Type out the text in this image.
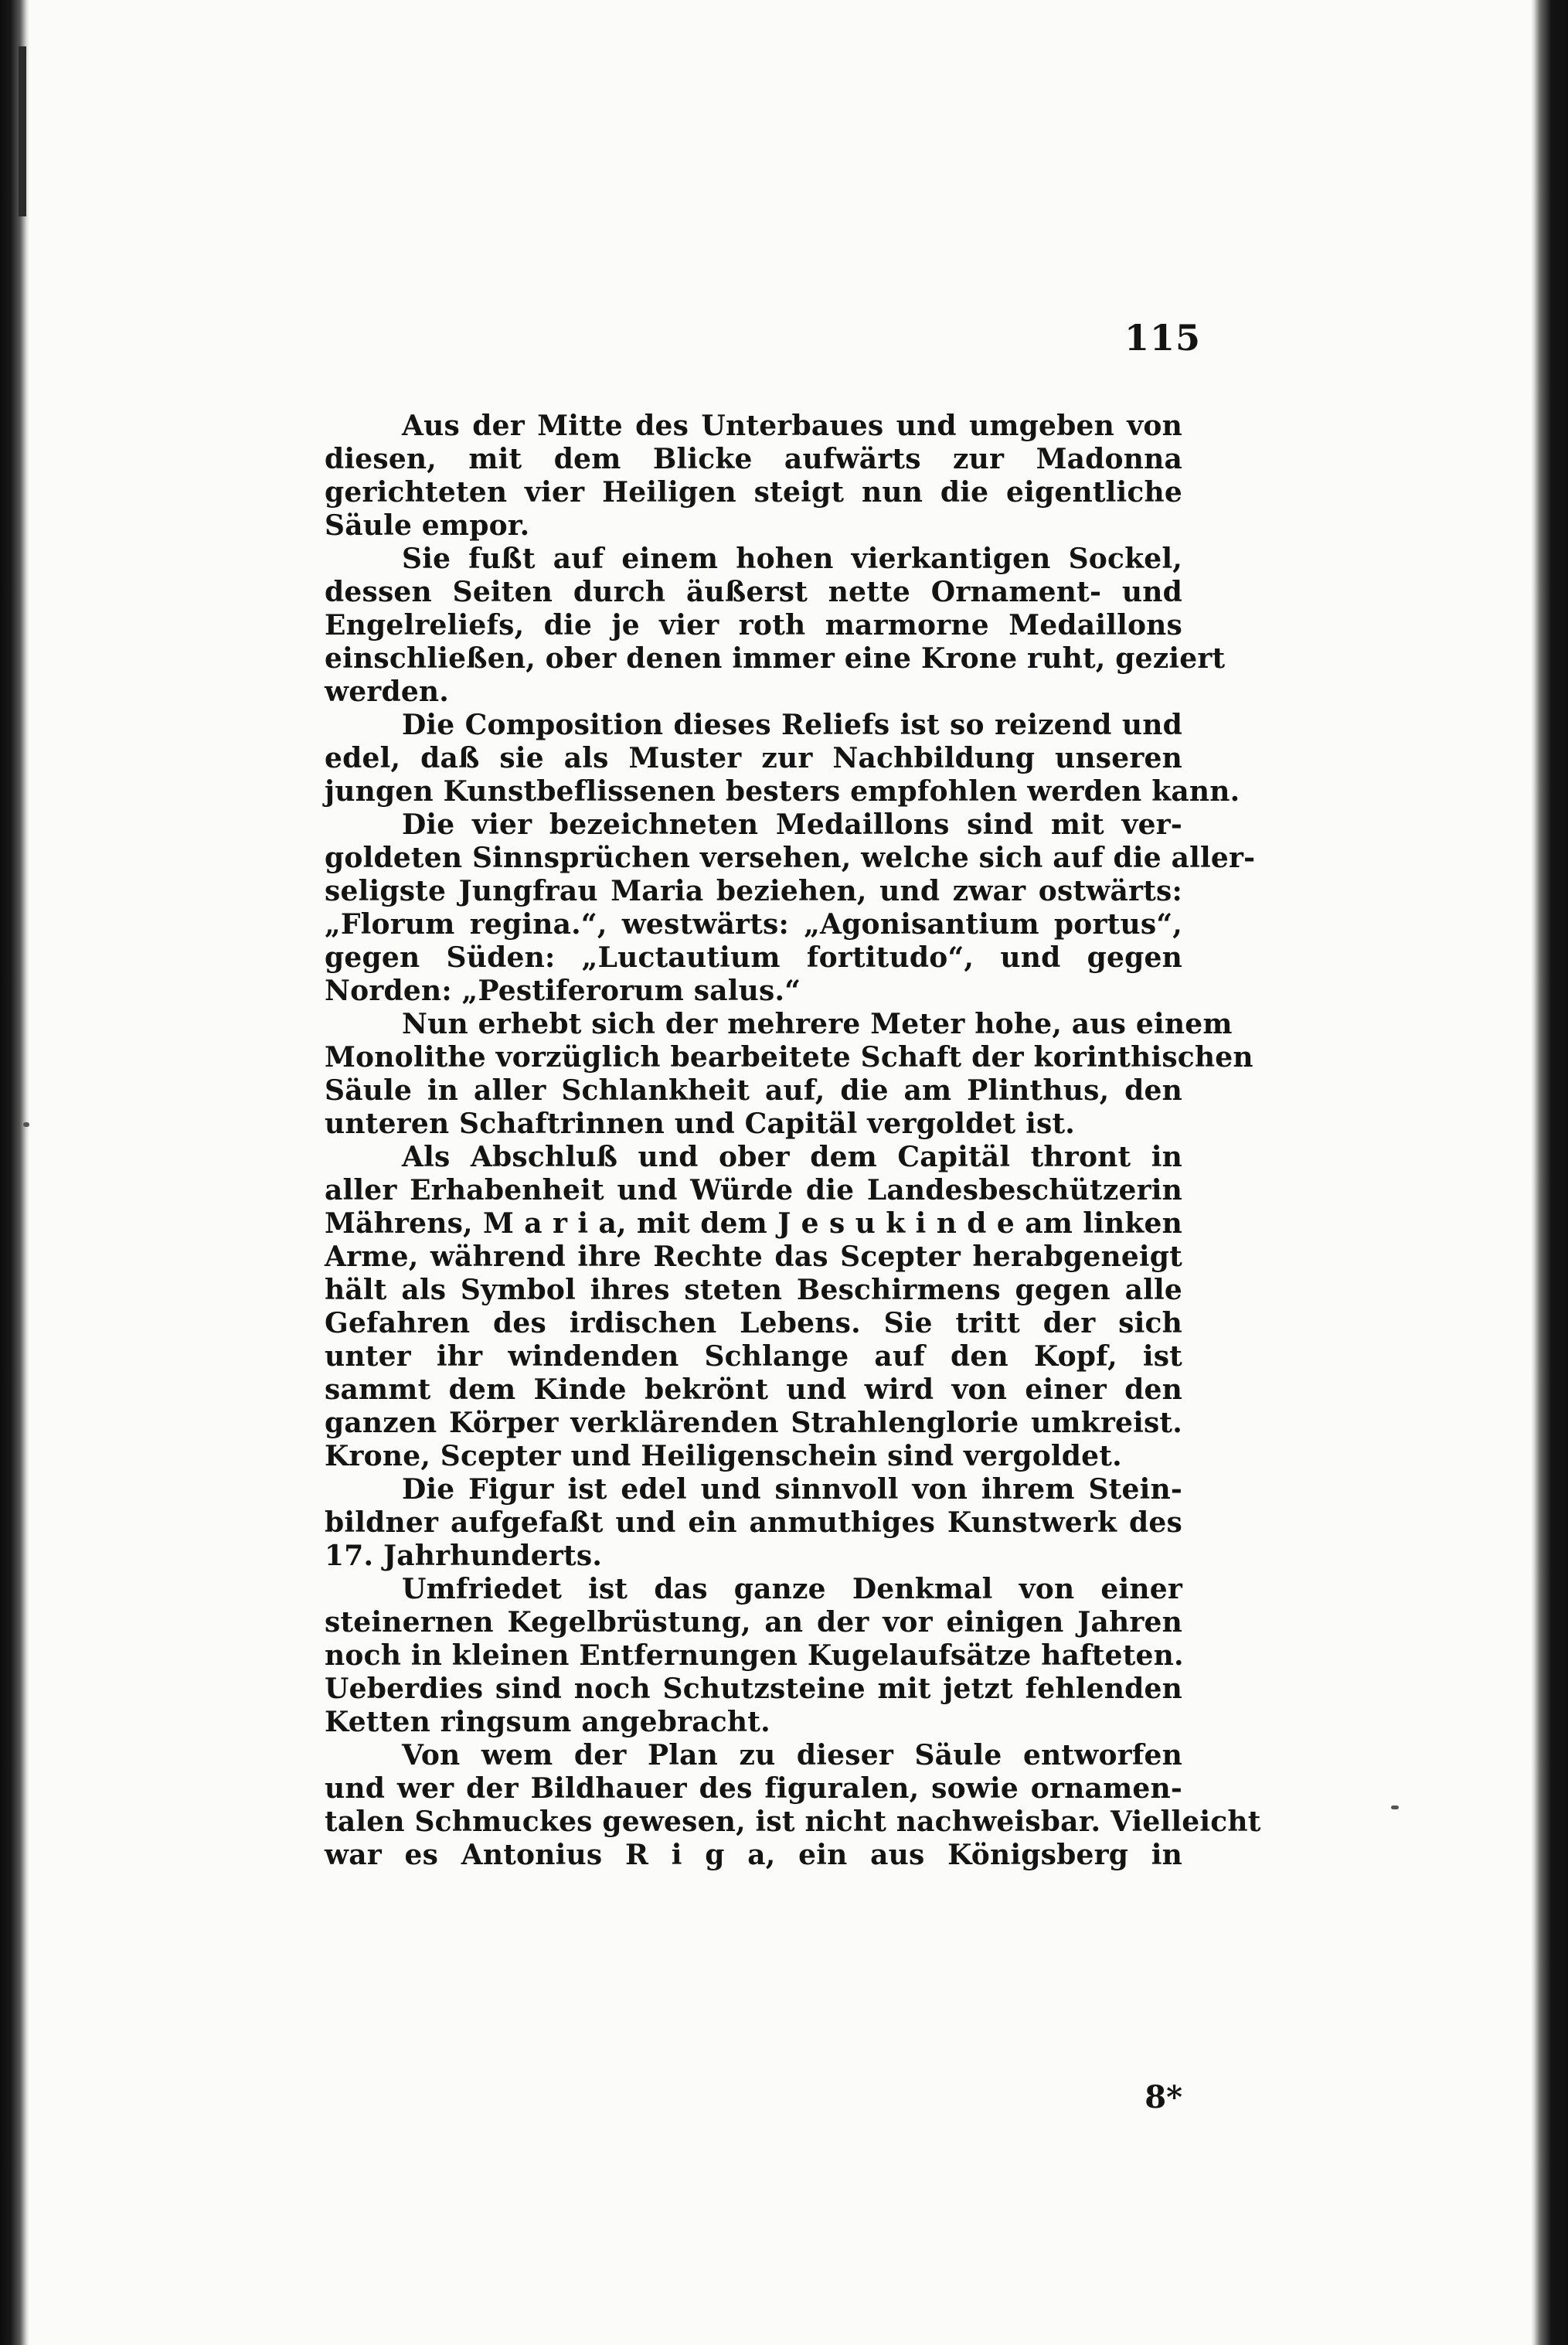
115
Aus der Mitte des Unterbaues und umgeben von
diesen, mit dem Blicke aufwärts zur Madonna
gerichteten vier Heiligen steigt nun die eigentliche
Säule empor.
Sie fußt auf einem hohen vierkantigen Sockel,
dessen Seiten durch äußerst nette Ornament- und
Engelreliefs, die je vier roth marmorne Medaillons
einschließen, ober denen immer eine Krone ruht, geziert
werden.
Die Composition dieses Reliefs ist so reizend und
edel, daß sie als Muster zur Nachbildung unseren
jungen Kunstbeflissenen besters empfohlen werden kann.
Die vier bezeichneten Medaillons sind mit ver-
goldeten Sinnsprüchen versehen, welche sich auf die aller-
seligste Jungfrau Maria beziehen, und zwar ostwärts:
„Florum regina.“, westwärts: „Agonisantium portus“,
gegen Süden: „Luctautium fortitudo“, und gegen
Norden: „Pestiferorum salus.“
Nun erhebt sich der mehrere Meter hohe, aus einem
Monolithe vorzüglich bearbeitete Schaft der korinthischen
Säule in aller Schlankheit auf, die am Plinthus, den
unteren Schaftrinnen und Capitäl vergoldet ist.
Als Abschluß und ober dem Capitäl thront in
aller Erhabenheit und Würde die Landesbeschützerin
Mährens, M a r i a, mit dem J e s u k i n d e am linken
Arme, während ihre Rechte das Scepter herabgeneigt
hält als Symbol ihres steten Beschirmens gegen alle
Gefahren des irdischen Lebens. Sie tritt der sich
unter ihr windenden Schlange auf den Kopf, ist
sammt dem Kinde bekrönt und wird von einer den
ganzen Körper verklärenden Strahlenglorie umkreist.
Krone, Scepter und Heiligenschein sind vergoldet.
Die Figur ist edel und sinnvoll von ihrem Stein-
bildner aufgefaßt und ein anmuthiges Kunstwerk des
17. Jahrhunderts.
Umfriedet ist das ganze Denkmal von einer
steinernen Kegelbrüstung, an der vor einigen Jahren
noch in kleinen Entfernungen Kugelaufsätze hafteten.
Ueberdies sind noch Schutzsteine mit jetzt fehlenden
Ketten ringsum angebracht.
Von wem der Plan zu dieser Säule entworfen
und wer der Bildhauer des figuralen, sowie ornamen-
talen Schmuckes gewesen, ist nicht nachweisbar. Vielleicht
war es Antonius R i g a, ein aus Königsberg in
8*
